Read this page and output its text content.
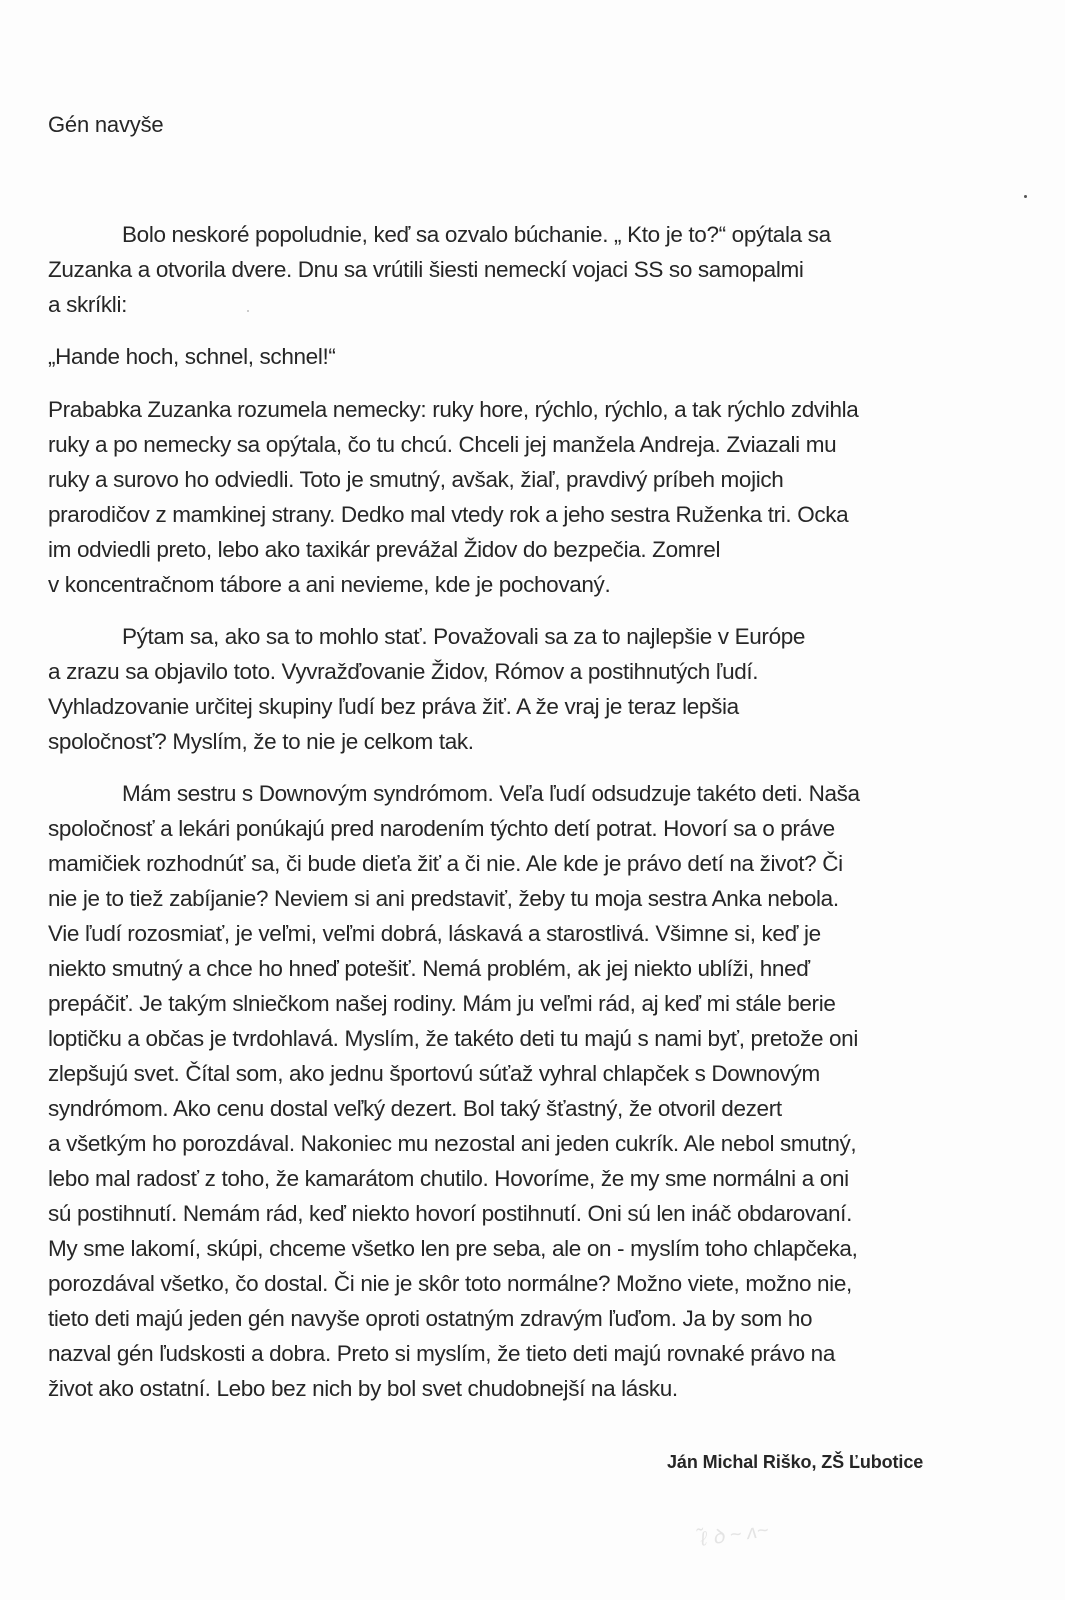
Gén navyše
Bolo neskoré popoludnie, keď sa ozvalo búchanie. „ Kto je to?“ opýtala sa
Zuzanka a otvorila dvere. Dnu sa vrútili šiesti nemeckí vojaci SS so samopalmi
a skríkli:
„Hande hoch, schnel, schnel!“
Prababka Zuzanka rozumela nemecky: ruky hore, rýchlo, rýchlo, a tak rýchlo zdvihla
ruky a po nemecky sa opýtala, čo tu chcú. Chceli jej manžela Andreja. Zviazali mu
ruky a surovo ho odviedli. Toto je smutný, avšak, žiaľ, pravdivý príbeh mojich
prarodičov z mamkinej strany. Dedko mal vtedy rok a jeho sestra Ruženka tri. Ocka
im odviedli preto, lebo ako taxikár prevážal Židov do bezpečia. Zomrel
v koncentračnom tábore a ani nevieme, kde je pochovaný.
Pýtam sa, ako sa to mohlo stať. Považovali sa za to najlepšie v Európe
a zrazu sa objavilo toto. Vyvražďovanie Židov, Rómov a postihnutých ľudí.
Vyhladzovanie určitej skupiny ľudí bez práva žiť. A že vraj je teraz lepšia
spoločnosť? Myslím, že to nie je celkom tak.
Mám sestru s Downovým syndrómom. Veľa ľudí odsudzuje takéto deti. Naša
spoločnosť a lekári ponúkajú pred narodením týchto detí potrat. Hovorí sa o práve
mamičiek rozhodnúť sa, či bude dieťa žiť a či nie. Ale kde je právo detí na život? Či
nie je to tiež zabíjanie? Neviem si ani predstaviť, žeby tu moja sestra Anka nebola.
Vie ľudí rozosmiať, je veľmi, veľmi dobrá, láskavá a starostlivá. Všimne si, keď je
niekto smutný a chce ho hneď potešiť. Nemá problém, ak jej niekto ublíži, hneď
prepáčiť. Je takým slniečkom našej rodiny. Mám ju veľmi rád, aj keď mi stále berie
loptičku a občas je tvrdohlavá. Myslím, že takéto deti tu majú s nami byť, pretože oni
zlepšujú svet. Čítal som, ako jednu športovú súťaž vyhral chlapček s Downovým
syndrómom. Ako cenu dostal veľký dezert. Bol taký šťastný, že otvoril dezert
a všetkým ho porozdával. Nakoniec mu nezostal ani jeden cukrík. Ale nebol smutný,
lebo mal radosť z toho, že kamarátom chutilo. Hovoríme, že my sme normálni a oni
sú postihnutí. Nemám rád, keď niekto hovorí postihnutí. Oni sú len ináč obdarovaní.
My sme lakomí, skúpi, chceme všetko len pre seba, ale on - myslím toho chlapčeka,
porozdával všetko, čo dostal. Či nie je skôr toto normálne? Možno viete, možno nie,
tieto deti majú jeden gén navyše oproti ostatným zdravým ľuďom. Ja by som ho
nazval gén ľudskosti a dobra. Preto si myslím, že tieto deti majú rovnaké právo na
život ako ostatní. Lebo bez nich by bol svet chudobnejší na lásku.
Ján Michal Riško, ZŠ Ľubotice
ℓ̃ ꝺ ~ ᴧ~
